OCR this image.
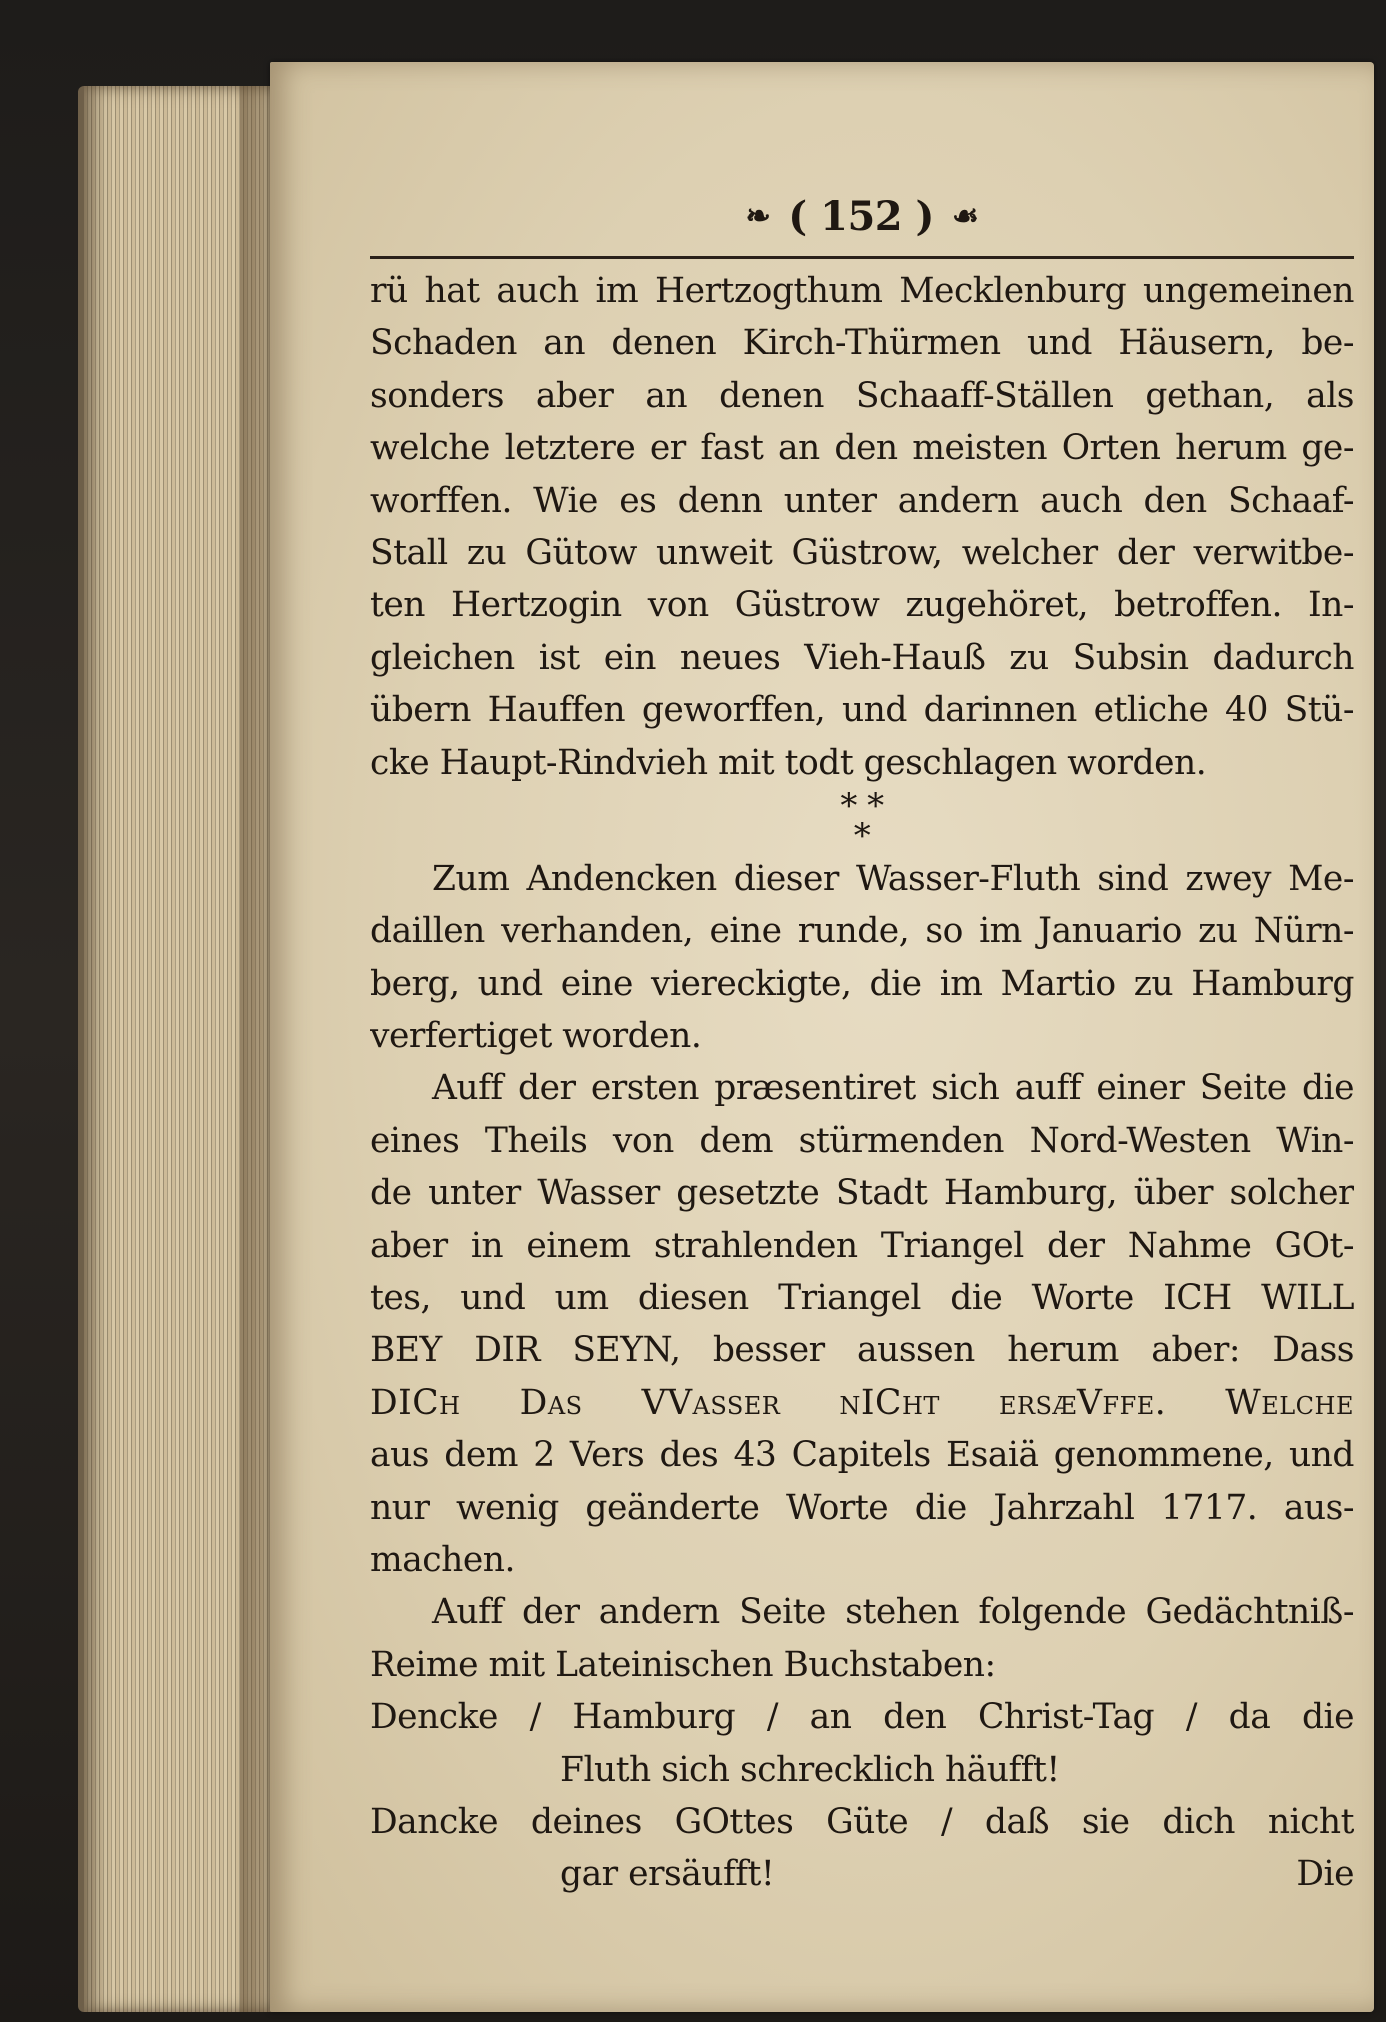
❧ ( 152 ) ☙
rü hat auch im Hertzogthum Mecklenburg ungemeinen
Schaden an denen Kirch-Thürmen und Häusern, be-
sonders aber an denen Schaaff-Ställen gethan, als
welche letztere er fast an den meisten Orten herum ge-
worffen. Wie es denn unter andern auch den Schaaf-
Stall zu Gütow unweit Güstrow, welcher der verwitbe-
ten Hertzogin von Güstrow zugehöret, betroffen. In-
gleichen ist ein neues Vieh-Hauß zu Subsin dadurch
übern Hauffen geworffen, und darinnen etliche 40 Stü-
cke Haupt-Rindvieh mit todt geschlagen worden.
* *
*
Zum Andencken dieser Wasser-Fluth sind zwey Me-
daillen verhanden, eine runde, so im Januario zu Nürn-
berg, und eine viereckigte, die im Martio zu Hamburg
verfertiget worden.
Auff der ersten præsentiret sich auff einer Seite die
eines Theils von dem stürmenden Nord-Westen Win-
de unter Wasser gesetzte Stadt Hamburg, über solcher
aber in einem strahlenden Triangel der Nahme GOt-
tes, und um diesen Triangel die Worte ICH WILL
BEY DIR SEYN, besser aussen herum aber: Dass
DICh Das VVasser nICht ersæVffe. Welche
aus dem 2 Vers des 43 Capitels Esaiä genommene, und
nur wenig geänderte Worte die Jahrzahl 1717. aus-
machen.
Auff der andern Seite stehen folgende Gedächtniß-
Reime mit Lateinischen Buchstaben:
Dencke / Hamburg / an den Christ-Tag / da die
Fluth sich schrecklich häufft!
Dancke deines GOttes Güte / daß sie dich nicht
gar ersäufft!	Die
